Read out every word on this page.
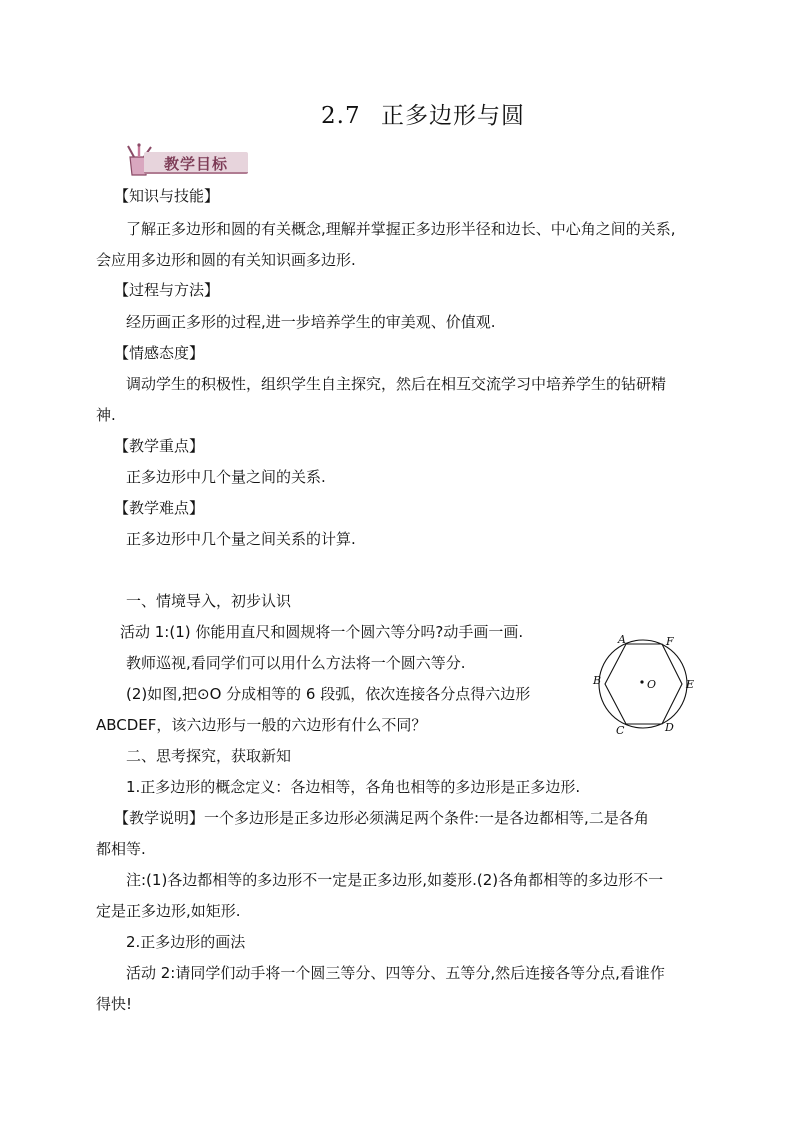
2.7 正多边形与圆
教学目标
【知识与技能】
了解正多边形和圆的有关概念,理解并掌握正多边形半径和边长、中心角之间的关系,
会应用多边形和圆的有关知识画多边形.
【过程与方法】
经历画正多形的过程,进一步培养学生的审美观、价值观.
【情感态度】
调动学生的积极性，组织学生自主探究，然后在相互交流学习中培养学生的钻研精
神.
【教学重点】
正多边形中几个量之间的关系.
【教学难点】
正多边形中几个量之间关系的计算.
一、情境导入，初步认识
活动 1:(1) 你能用直尺和圆规将一个圆六等分吗?动手画一画.
教师巡视,看同学们可以用什么方法将一个圆六等分.
(2)如图,把⊙O 分成相等的 6 段弧，依次连接各分点得六边形
ABCDEF，该六边形与一般的六边形有什么不同？
二、思考探究，获取新知
1.正多边形的概念定义：各边相等，各角也相等的多边形是正多边形.
【教学说明】一个多边形是正多边形必须满足两个条件:一是各边都相等,二是各角
都相等.
注:(1)各边都相等的多边形不一定是正多边形,如菱形.(2)各角都相等的多边形不一
定是正多边形,如矩形.
2.正多边形的画法
活动 2:请同学们动手将一个圆三等分、四等分、五等分,然后连接各等分点,看谁作
得快!
A	F
B	O	E
C	D
